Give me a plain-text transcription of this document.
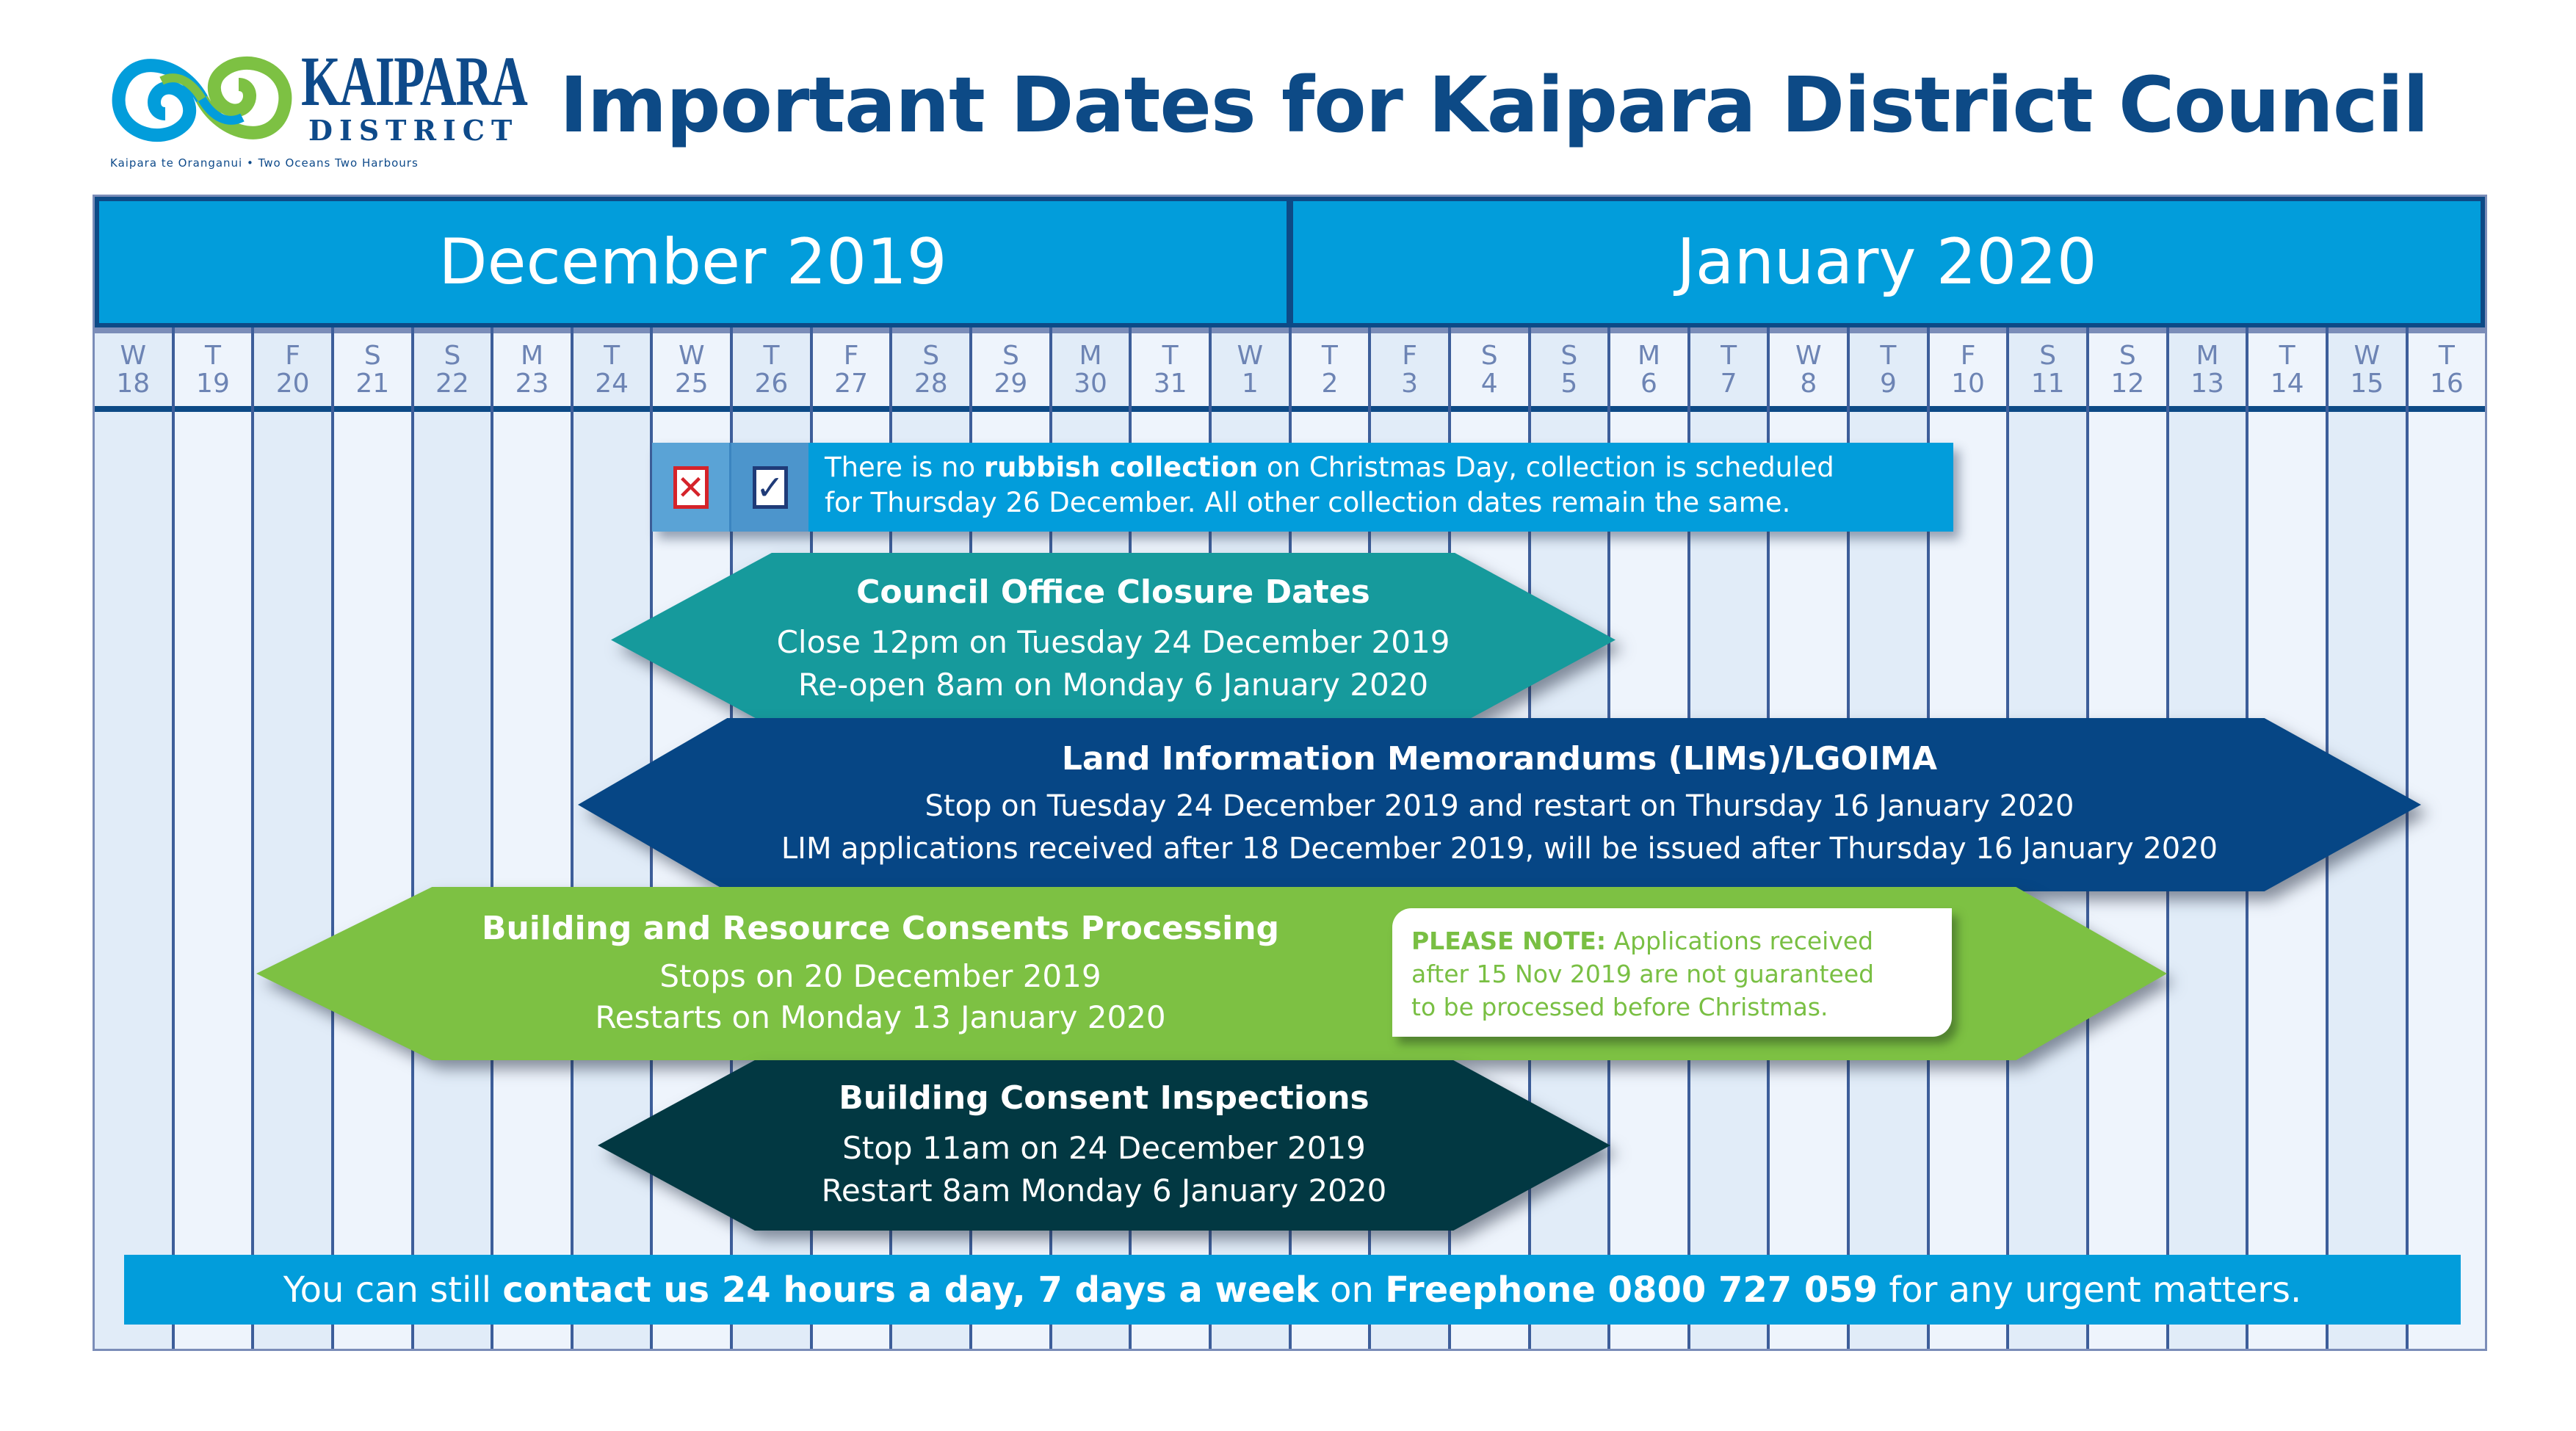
KAIPARA
DISTRICT
Kaipara te Oranganui • Two Oceans Two Harbours
Important Dates for Kaipara District Council
December 2019	January 2020
W
18
T
19
F
20
S
21
S
22
M
23
T
24
W
25
T
26
F
27
S
28
S
29
M
30
T
31
W
1
T
2
F
3
S
4
S
5
M
6
T
7
W
8
T
9
F
10
S
11
S
12
M
13
T
14
W
15
T
16
✕ ✓
There is no rubbish collection on Christmas Day, collection is scheduled
for Thursday 26 December. All other collection dates remain the same.
Council Office Closure Dates
Close 12pm on Tuesday 24 December 2019
Re-open 8am on Monday 6 January 2020
Land Information Memorandums (LIMs)/LGOIMA
Stop on Tuesday 24 December 2019 and restart on Thursday 16 January 2020
LIM applications received after 18 December 2019, will be issued after Thursday 16 January 2020
Building and Resource Consents Processing
Stops on 20 December 2019
Restarts on Monday 13 January 2020
PLEASE NOTE: Applications received
after 15 Nov 2019 are not guaranteed
to be processed before Christmas.
Building Consent Inspections
Stop 11am on 24 December 2019
Restart 8am Monday 6 January 2020
You can still
contact us 24 hours a day, 7 days a week on Freephone 0800 727 059 for any urgent matters.
